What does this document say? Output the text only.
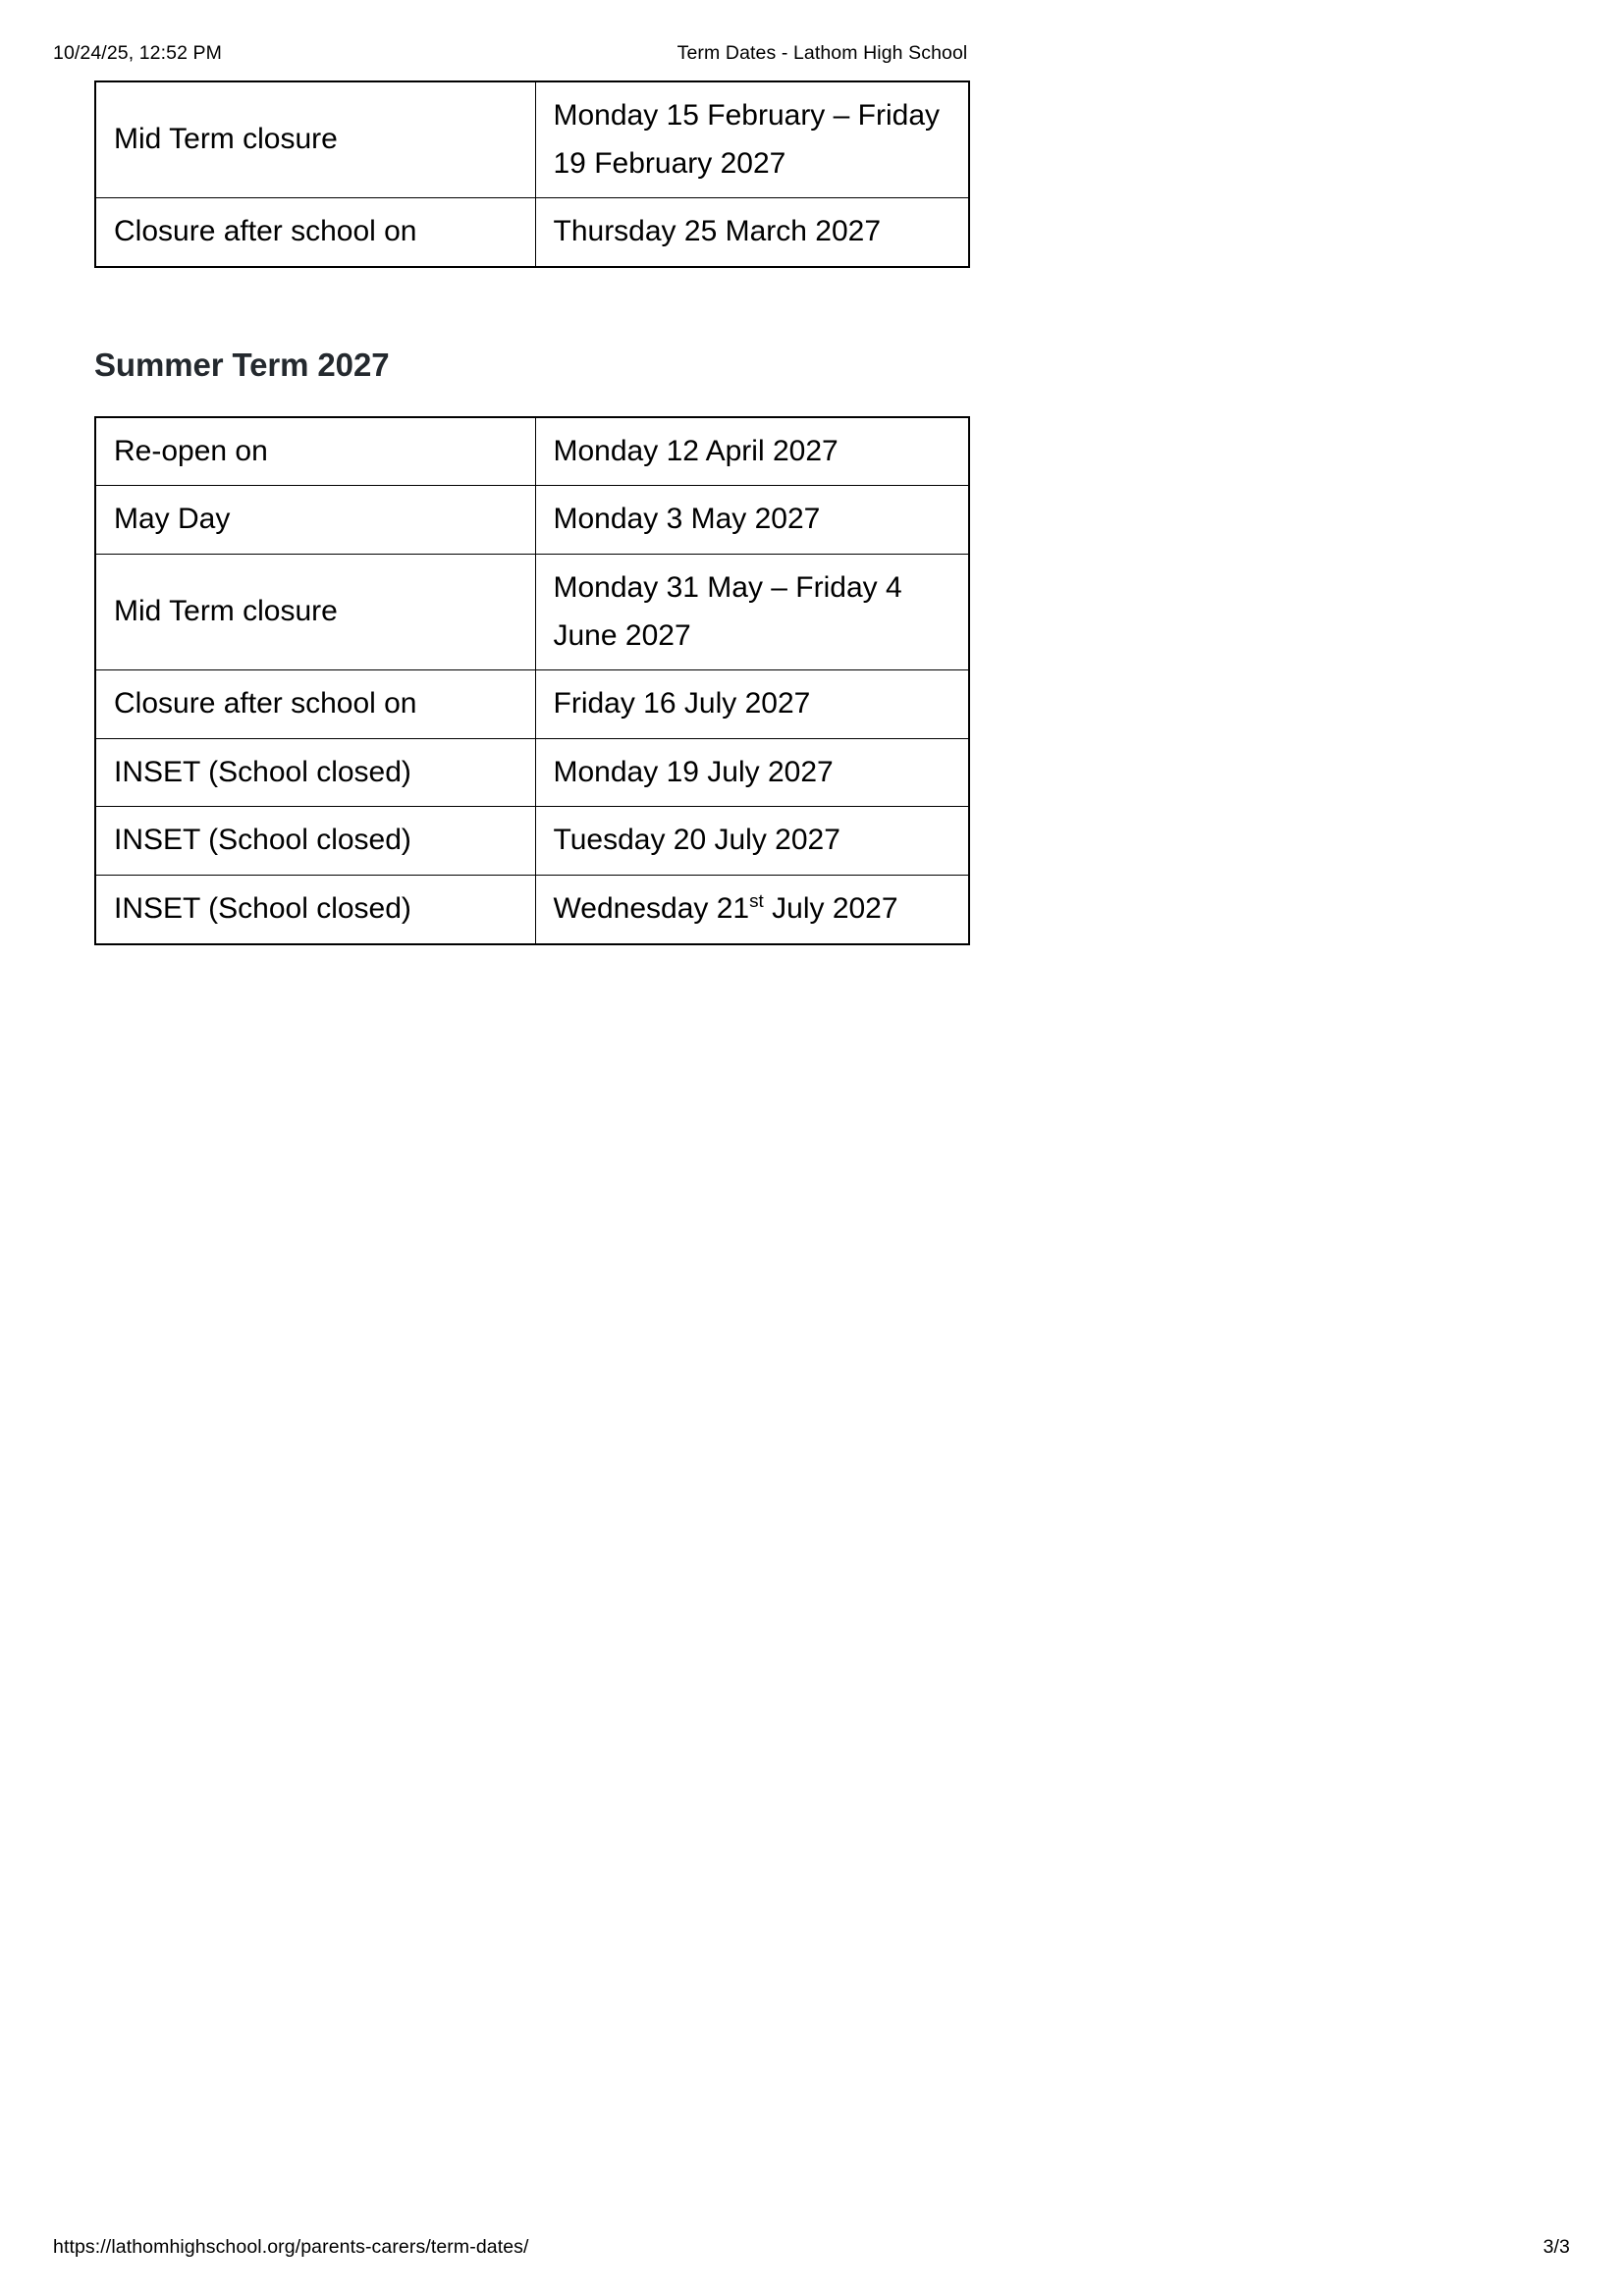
10/24/25, 12:52 PM	Term Dates - Lathom High School
Mid Term closure	Monday 15 February – Friday 19 February 2027
Closure after school on	Thursday 25 March 2027
Summer Term 2027
Re-open on	Monday 12 April 2027
May Day	Monday 3 May 2027
Mid Term closure	Monday 31 May – Friday 4 June 2027
Closure after school on	Friday 16 July 2027
INSET (School closed)	Monday 19 July 2027
INSET (School closed)	Tuesday 20 July 2027
INSET (School closed)	Wednesday 21st July 2027
https://lathomhighschool.org/parents-carers/term-dates/	3/3
